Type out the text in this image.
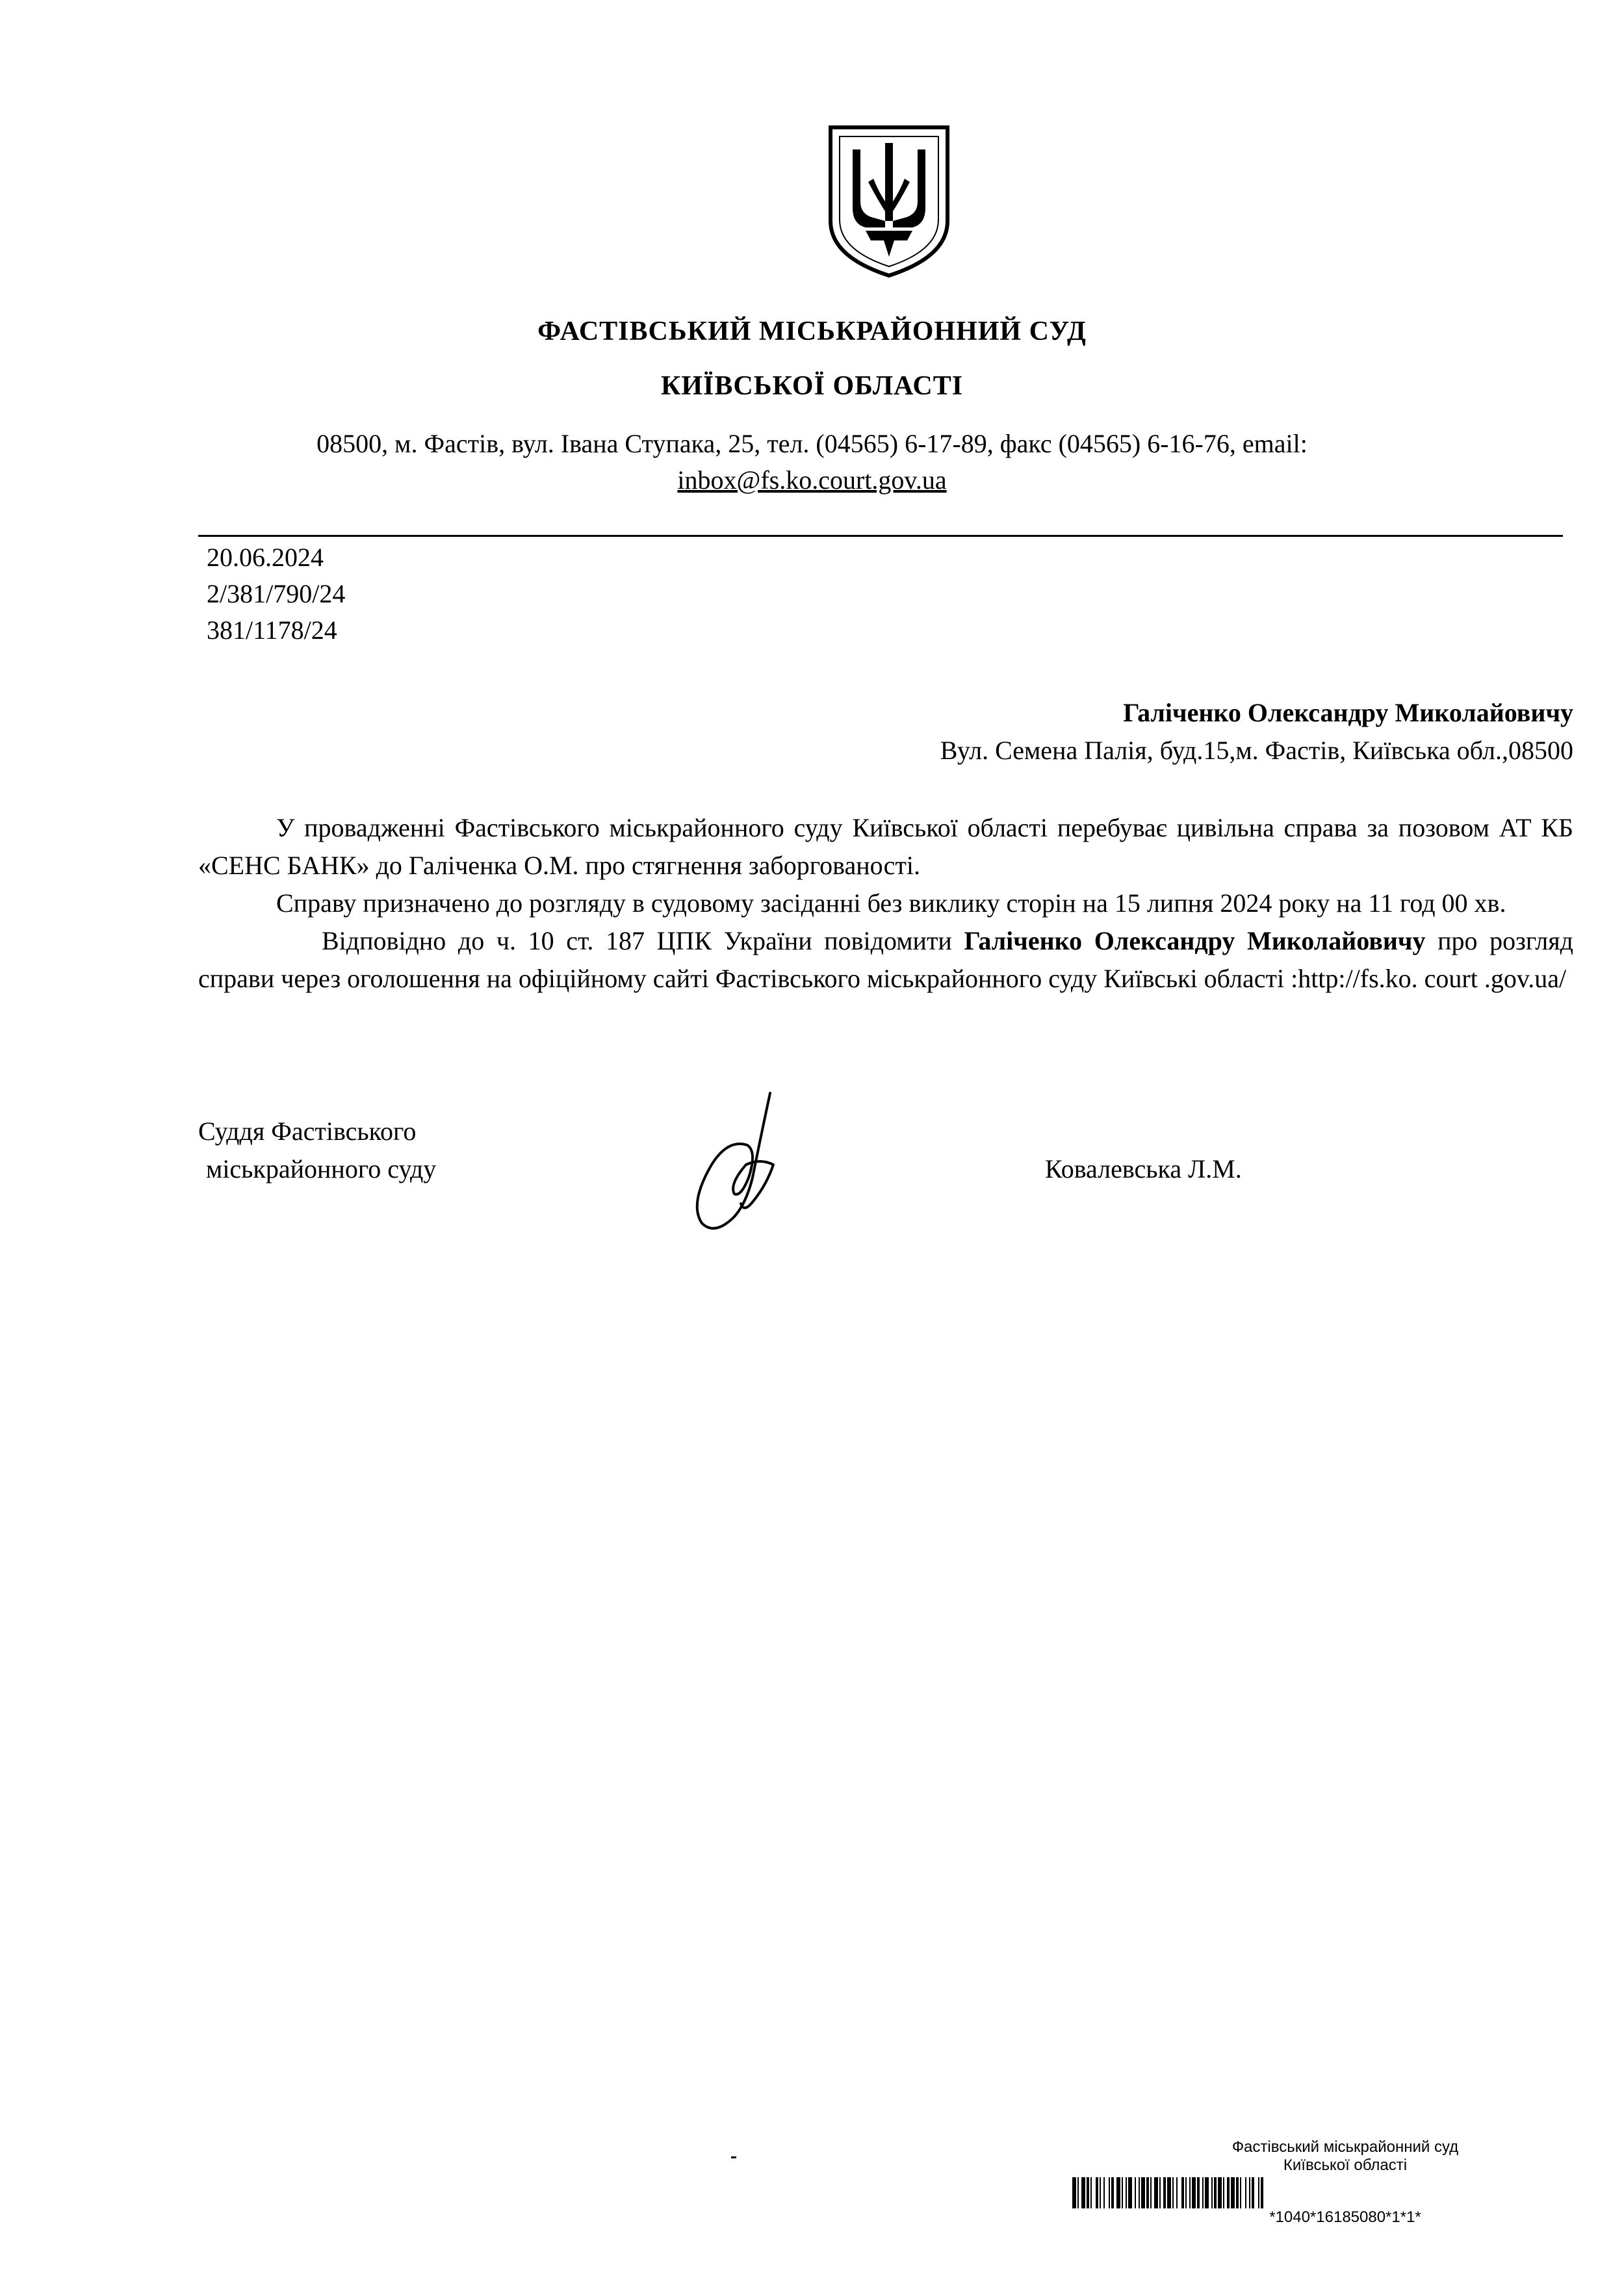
ФАСТІВСЬКИЙ МІСЬКРАЙОННИЙ СУД
КИЇВСЬКОЇ ОБЛАСТІ
08500, м. Фастів, вул. Івана Ступака, 25, тел. (04565) 6-17-89, факс (04565) 6-16-76, email:
inbox@fs.ko.court.gov.ua
20.06.2024
2/381/790/24
381/1178/24
Галіченко Олександру Миколайовичу
Вул. Семена Палія, буд.15,м. Фастів, Київська обл.,08500

У провадженні Фастівського міськрайонного суду Київської області перебуває цивільна справа за позовом АТ КБ «СЕНС БАНК» до Галіченка О.М. про стягнення заборгованості.

Справу призначено до розгляду в судовому засіданні без виклику сторін на 15 липня 2024 року на 11 год 00 хв.

Відповідно до ч. 10 ст. 187 ЦПК України повідомити Галіченко Олександру Миколайовичу про розгляд справи через оголошення на офіційному сайті Фастівського міськрайонного суду Київські області :http://fs.ko. court .gov.ua/

Суддя Фастівського
міськрайонного суду	Ковалевська Л.М.
Фастівський міськрайонний суд
Київської області
*1040*16185080*1*1*
